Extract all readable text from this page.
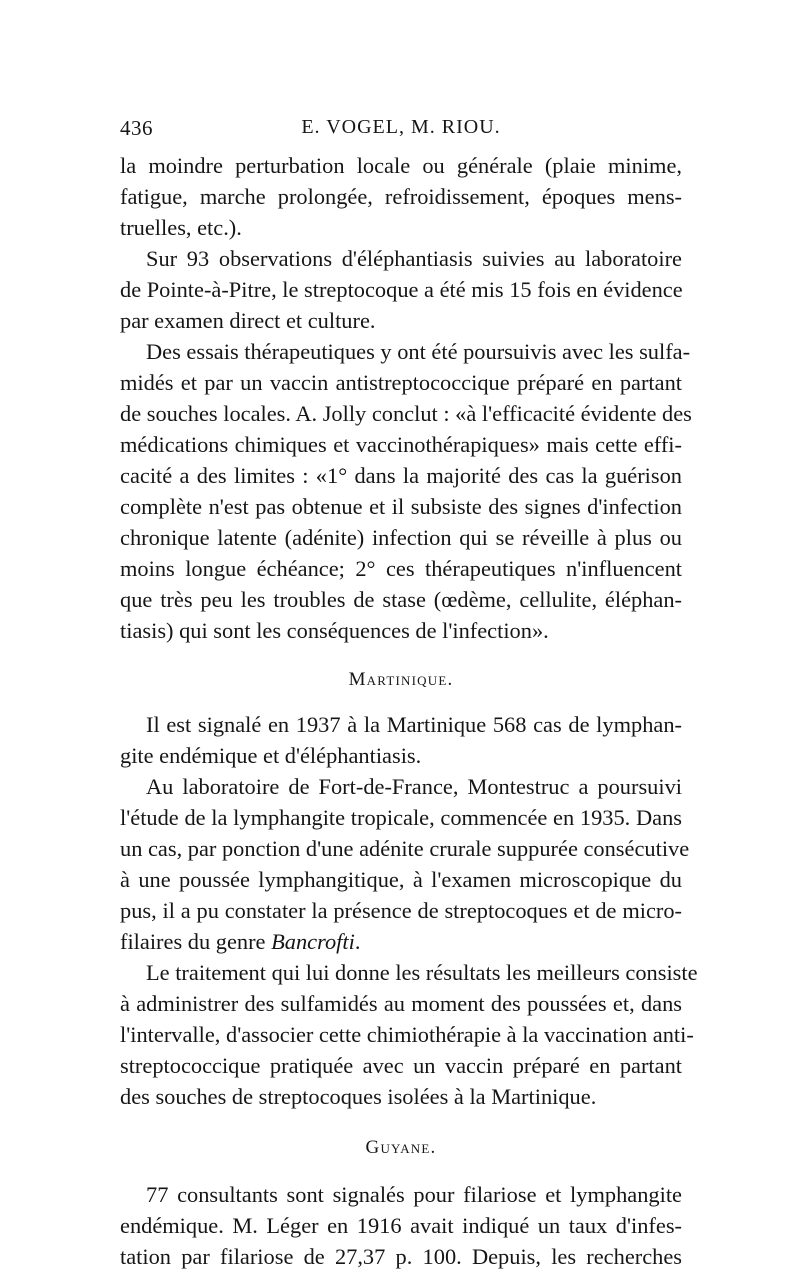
436	E. VOGEL, M. RIOU.
la moindre perturbation locale ou générale (plaie minime,
fatigue, marche prolongée, refroidissement, époques mens-
truelles, etc.).
Sur 93 observations d'éléphantiasis suivies au laboratoire
de Pointe-à-Pitre, le streptocoque a été mis 15 fois en évidence
par examen direct et culture.
Des essais thérapeutiques y ont été poursuivis avec les sulfa-
midés et par un vaccin antistreptococcique préparé en partant
de souches locales. A. Jolly conclut : «à l'efficacité évidente des
médications chimiques et vaccinothérapiques» mais cette effi-
cacité a des limites : «1° dans la majorité des cas la guérison
complète n'est pas obtenue et il subsiste des signes d'infection
chronique latente (adénite) infection qui se réveille à plus ou
moins longue échéance; 2° ces thérapeutiques n'influencent
que très peu les troubles de stase (œdème, cellulite, éléphan-
tiasis) qui sont les conséquences de l'infection».
Martinique.
Il est signalé en 1937 à la Martinique 568 cas de lymphan-
gite endémique et d'éléphantiasis.
Au laboratoire de Fort-de-France, Montestruc a poursuivi
l'étude de la lymphangite tropicale, commencée en 1935. Dans
un cas, par ponction d'une adénite crurale suppurée consécutive
à une poussée lymphangitique, à l'examen microscopique du
pus, il a pu constater la présence de streptocoques et de micro-
filaires du genre Bancrofti.
Le traitement qui lui donne les résultats les meilleurs consiste
à administrer des sulfamidés au moment des poussées et, dans
l'intervalle, d'associer cette chimiothérapie à la vaccination anti-
streptococcique pratiquée avec un vaccin préparé en partant
des souches de streptocoques isolées à la Martinique.
Guyane.
77 consultants sont signalés pour filariose et lymphangite
endémique. M. Léger en 1916 avait indiqué un taux d'infes-
tation par filariose de 27,37 p. 100. Depuis, les recherches
